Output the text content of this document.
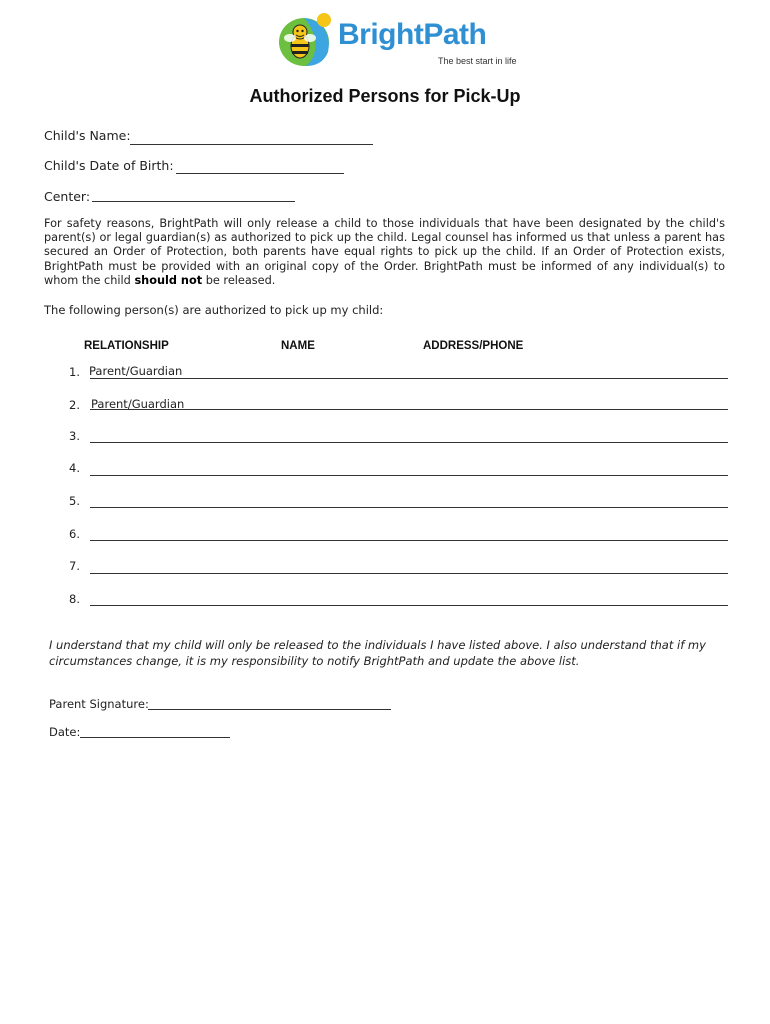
BrightPath
The best start in life
Authorized Persons for Pick-Up
Child's Name:
Child's Date of Birth:
Center:
For safety reasons, BrightPath will only release a child to those individuals that have been designated by the child's parent(s) or legal guardian(s) as authorized to pick up the child. Legal counsel has informed us that unless a parent has secured an Order of Protection, both parents have equal rights to pick up the child. If an Order of Protection exists, BrightPath must be provided with an original copy of the Order. BrightPath must be informed of any individual(s) to whom the child should not be released.
The following person(s) are authorized to pick up my child:
RELATIONSHIP	NAME	ADDRESS/PHONE
1. Parent/Guardian
2. Parent/Guardian
3.
4.
5.
6.
7.
8.
I understand that my child will only be released to the individuals I have listed above. I also understand that if my circumstances change, it is my responsibility to notify BrightPath and update the above list.
Parent Signature:
Date:
